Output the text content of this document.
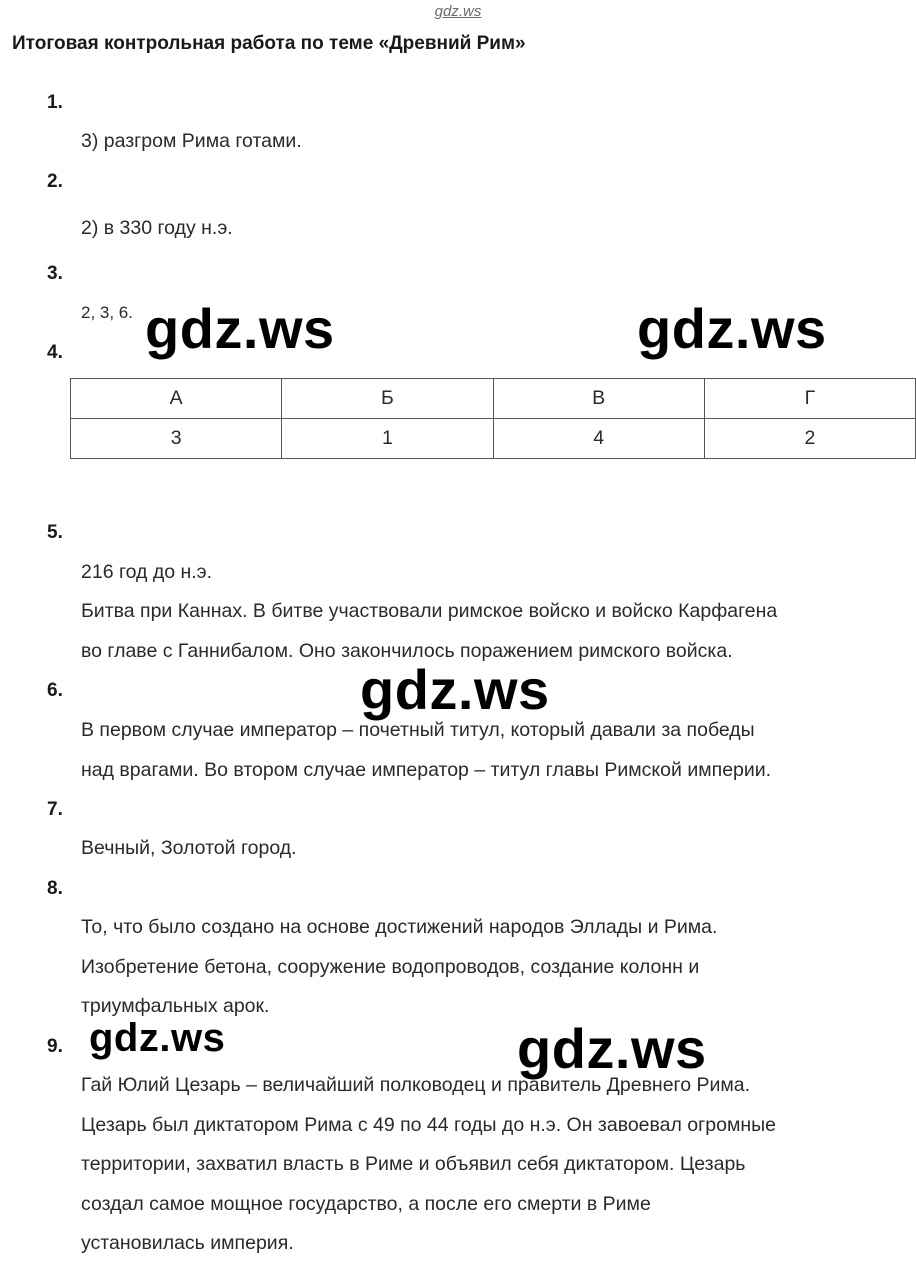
gdz.ws
Итоговая контрольная работа по теме «Древний Рим»
1.
3) разгром Рима готами.
2.
2) в 330 году н.э.
3.
2, 3, 6.
4.
А	Б	В	Г
3	1	4	2
5.
216 год до н.э.
Битва при Каннах. В битве участвовали римское войско и войско Карфагена
во главе с Ганнибалом. Оно закончилось поражением римского войска.
6.
В первом случае император – почетный титул, который давали за победы
над врагами. Во втором случае император – титул главы Римской империи.
7.
Вечный, Золотой город.
8.
То, что было создано на основе достижений народов Эллады и Рима.
Изобретение бетона, сооружение водопроводов, создание колонн и
триумфальных арок.
9.
Гай Юлий Цезарь – величайший полководец и правитель Древнего Рима.
Цезарь был диктатором Рима с 49 по 44 годы до н.э. Он завоевал огромные
территории, захватил власть в Риме и объявил себя диктатором. Цезарь
создал самое мощное государство, а после его смерти в Риме
установилась империя.
gdz.ws	gdz.ws
gdz.ws
gdz.ws	gdz.ws
